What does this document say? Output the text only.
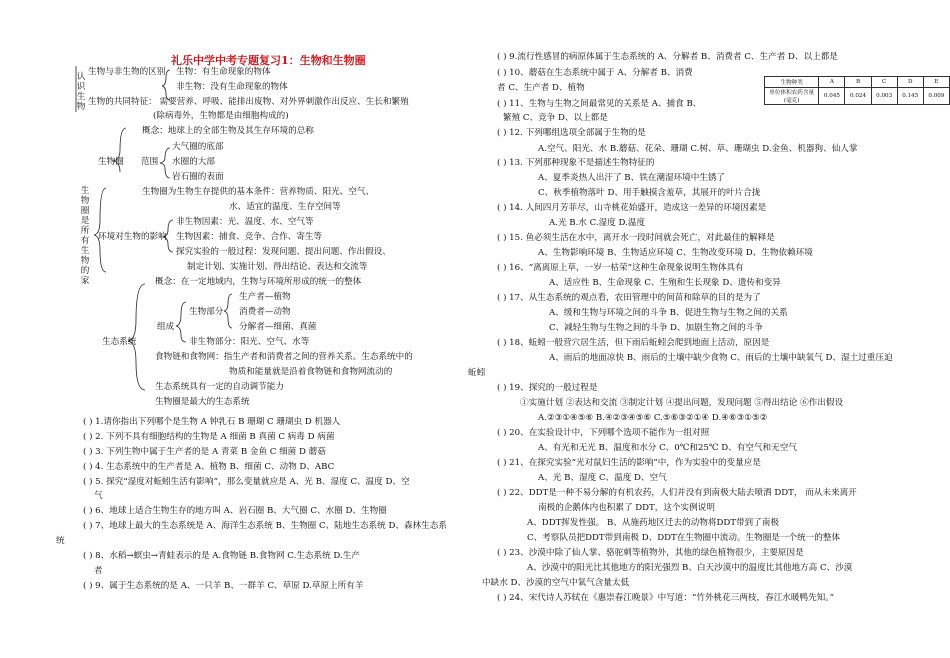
礼乐中学中考专题复习1：生物和生物圈
认识生物
生物圈是所有生物的家
生物与非生物的区别 生物：有生命现象的物体
非生物：没有生命现象的物体
生物的共同特征： 需要营养、呼吸、能排出废物、对外界刺激作出反应、生长和繁殖
(除病毒外，生物都是由细胞构成的)
概念：地球上的全部生物及其生存环境的总称
大气圈的底部
生物圈 范围 水圈的大部
岩石圈的表面
生物圈为生物生存提供的基本条件：营养物质、阳光、空气、
水、适宜的温度、生存空间等
非生物因素：光、温度、水、空气等
环境对生物的影响 生物因素：捕食、竞争、合作、寄生等
探究实验的一般过程：发现问题、提出问题、作出假设、
制定计划、实施计划、得出结论、表达和交流等
概念：在一定地域内，生物与环境所形成的统一的整体
生产者—植物
生物部分 消费者—动物
组成	分解者—细菌、真菌
生态系统	非生物部分：阳光、空气、水等
食物链和食物网：指生产者和消费者之间的营养关系。生态系统中的
物质和能量就是沿着食物链和食物网流动的
生态系统具有一定的自动调节能力
生物圈是最大的生态系统
( ) 1.请你指出下列哪个是生物 A 钟乳石 B 珊瑚 C 珊瑚虫 D 机器人
( ) 2. 下列不具有细胞结构的生物是 A 细菌 B 真菌 C 病毒 D 病菌
( ) 3. 下列生物中属于生产者的是 A 青菜 B 金鱼 C 细菌 D 蘑菇
( ) 4. 生态系统中的生产者是 A、植物 B、细菌 C、动物 D、ABC
( ) 5. 探究“湿度对蚯蚓生活有影响”，那么变量就应是 A、光 B、湿度 C、温度 D、空
气
( ) 6、地球上适合生物生存的地方叫 A、岩石圈 B、大气圈 C、水圈 D、生物圈
( ) 7、地球上最大的生态系统是 A、海洋生态系统 B、生物圈 C、陆地生态系统 D、森林生态系
统
( ) 8、水稻→螟虫→青蛙表示的是 A.食物链 B.食物网 C.生态系统 D.生产
者
( ) 9、属于生态系统的是 A、一只羊 B、一群羊 C、草原 D.草原上所有羊
生物种类	A	B	C	D	E
单位体积农药含量(毫克)	0.045	0.024	0.003	0.145	0.009
( ) 9.流行性感冒的病原体属于生态系统的 A、分解者 B、消费者 C、生产者 D、以上都是
( ) 10、蘑菇在生态系统中属于 A、分解者 B、消费
者 C、生产者 D、植物
( ) 11、生物与生物之间最常见的关系是 A、捕食 B、
繁殖 C、竞争 D、以上都是
( ) 12. 下列哪组选项全部属于生物的是
A.空气、阳光、水 B.蘑菇、花朵、珊瑚 C.树、草、珊瑚虫 D.金鱼、机器狗、仙人掌
( ) 13. 下列那种现象不是描述生物特征的
A、夏季炎热人出汗了 B、铁在潮湿环境中生锈了
C、秋季植物落叶 D、用手触摸含羞草，其展开的叶片合拢
( ) 14. 人间四月芳菲尽，山寺桃花始盛开，造成这一差异的环境因素是
A.光 B.水 C.湿度 D.温度
( ) 15. 鱼必须生活在水中，离开水一段时间就会死亡，对此最佳的解释是
A、生物影响环境 B、生物适应环境 C、生物改变环境 D、生物依赖环境
( ) 16、“离离原上草，一岁一枯荣”这种生命现象说明生物体具有
A、适应性 B、生命现象 C、生殖和生长现象 D、遗传和变异
( ) 17、从生态系统的观点看，农田管理中的间苗和除草的目的是为了
A、缓和生物与环境之间的斗争 B、促进生物与生物之间的关系
C、减轻生物与生物之间的斗争 D、加剧生物之间的斗争
( ) 18、蚯蚓一般营穴居生活，但下雨后蚯蚓会爬到地面上活动，原因是
A、雨后的地面凉快 B、雨后的土壤中缺少食物 C、雨后的土壤中缺氧气 D、湿土过重压迫
蚯蚓
( ) 19、探究的一般过程是
①实施计划 ②表达和交流 ③制定计划 ④提出问题，发现问题 ⑤得出结论 ⑥作出假设
A.②③①④⑤⑥ B.④②③④⑤⑥ C.⑤⑥③②①④ D.④⑥③①⑤②
( ) 20、在实验设计中，下列哪个选项不能作为一组对照
A、有光和无光 B、温度和水分 C、0℃和25℃ D、有空气和无空气
( ) 21、在探究实验“光对鼠妇生活的影响”中，作为实验中的变量应是
A、光 B、湿度 C、温度 D、空气
( ) 22、DDT是一种不易分解的有机农药，人们并没有到南极大陆去喷洒 DDT， 而从未来离开
南极的企鹅体内也积累了 DDT，这个实例说明
A、DDT挥发性强。 B、从施药地区迁去的动物将DDT带到了南极
C、考察队员把DDT带到南极 D、DDT在生物圈中流动。生物圈是一个统一的整体
( ) 23、沙漠中除了仙人掌、骆驼刺等植物外，其他的绿色植物很少，主要原因是
A、沙漠中的阳光比其他地方的阳光强烈 B、白天沙漠中的温度比其他地方高 C、沙漠
中缺水 D、沙漠的空气中氧气含量太低
( ) 24、宋代诗人苏轼在《惠崇春江晚景》中写道：“竹外桃花三两枝，春江水暖鸭先知。”
